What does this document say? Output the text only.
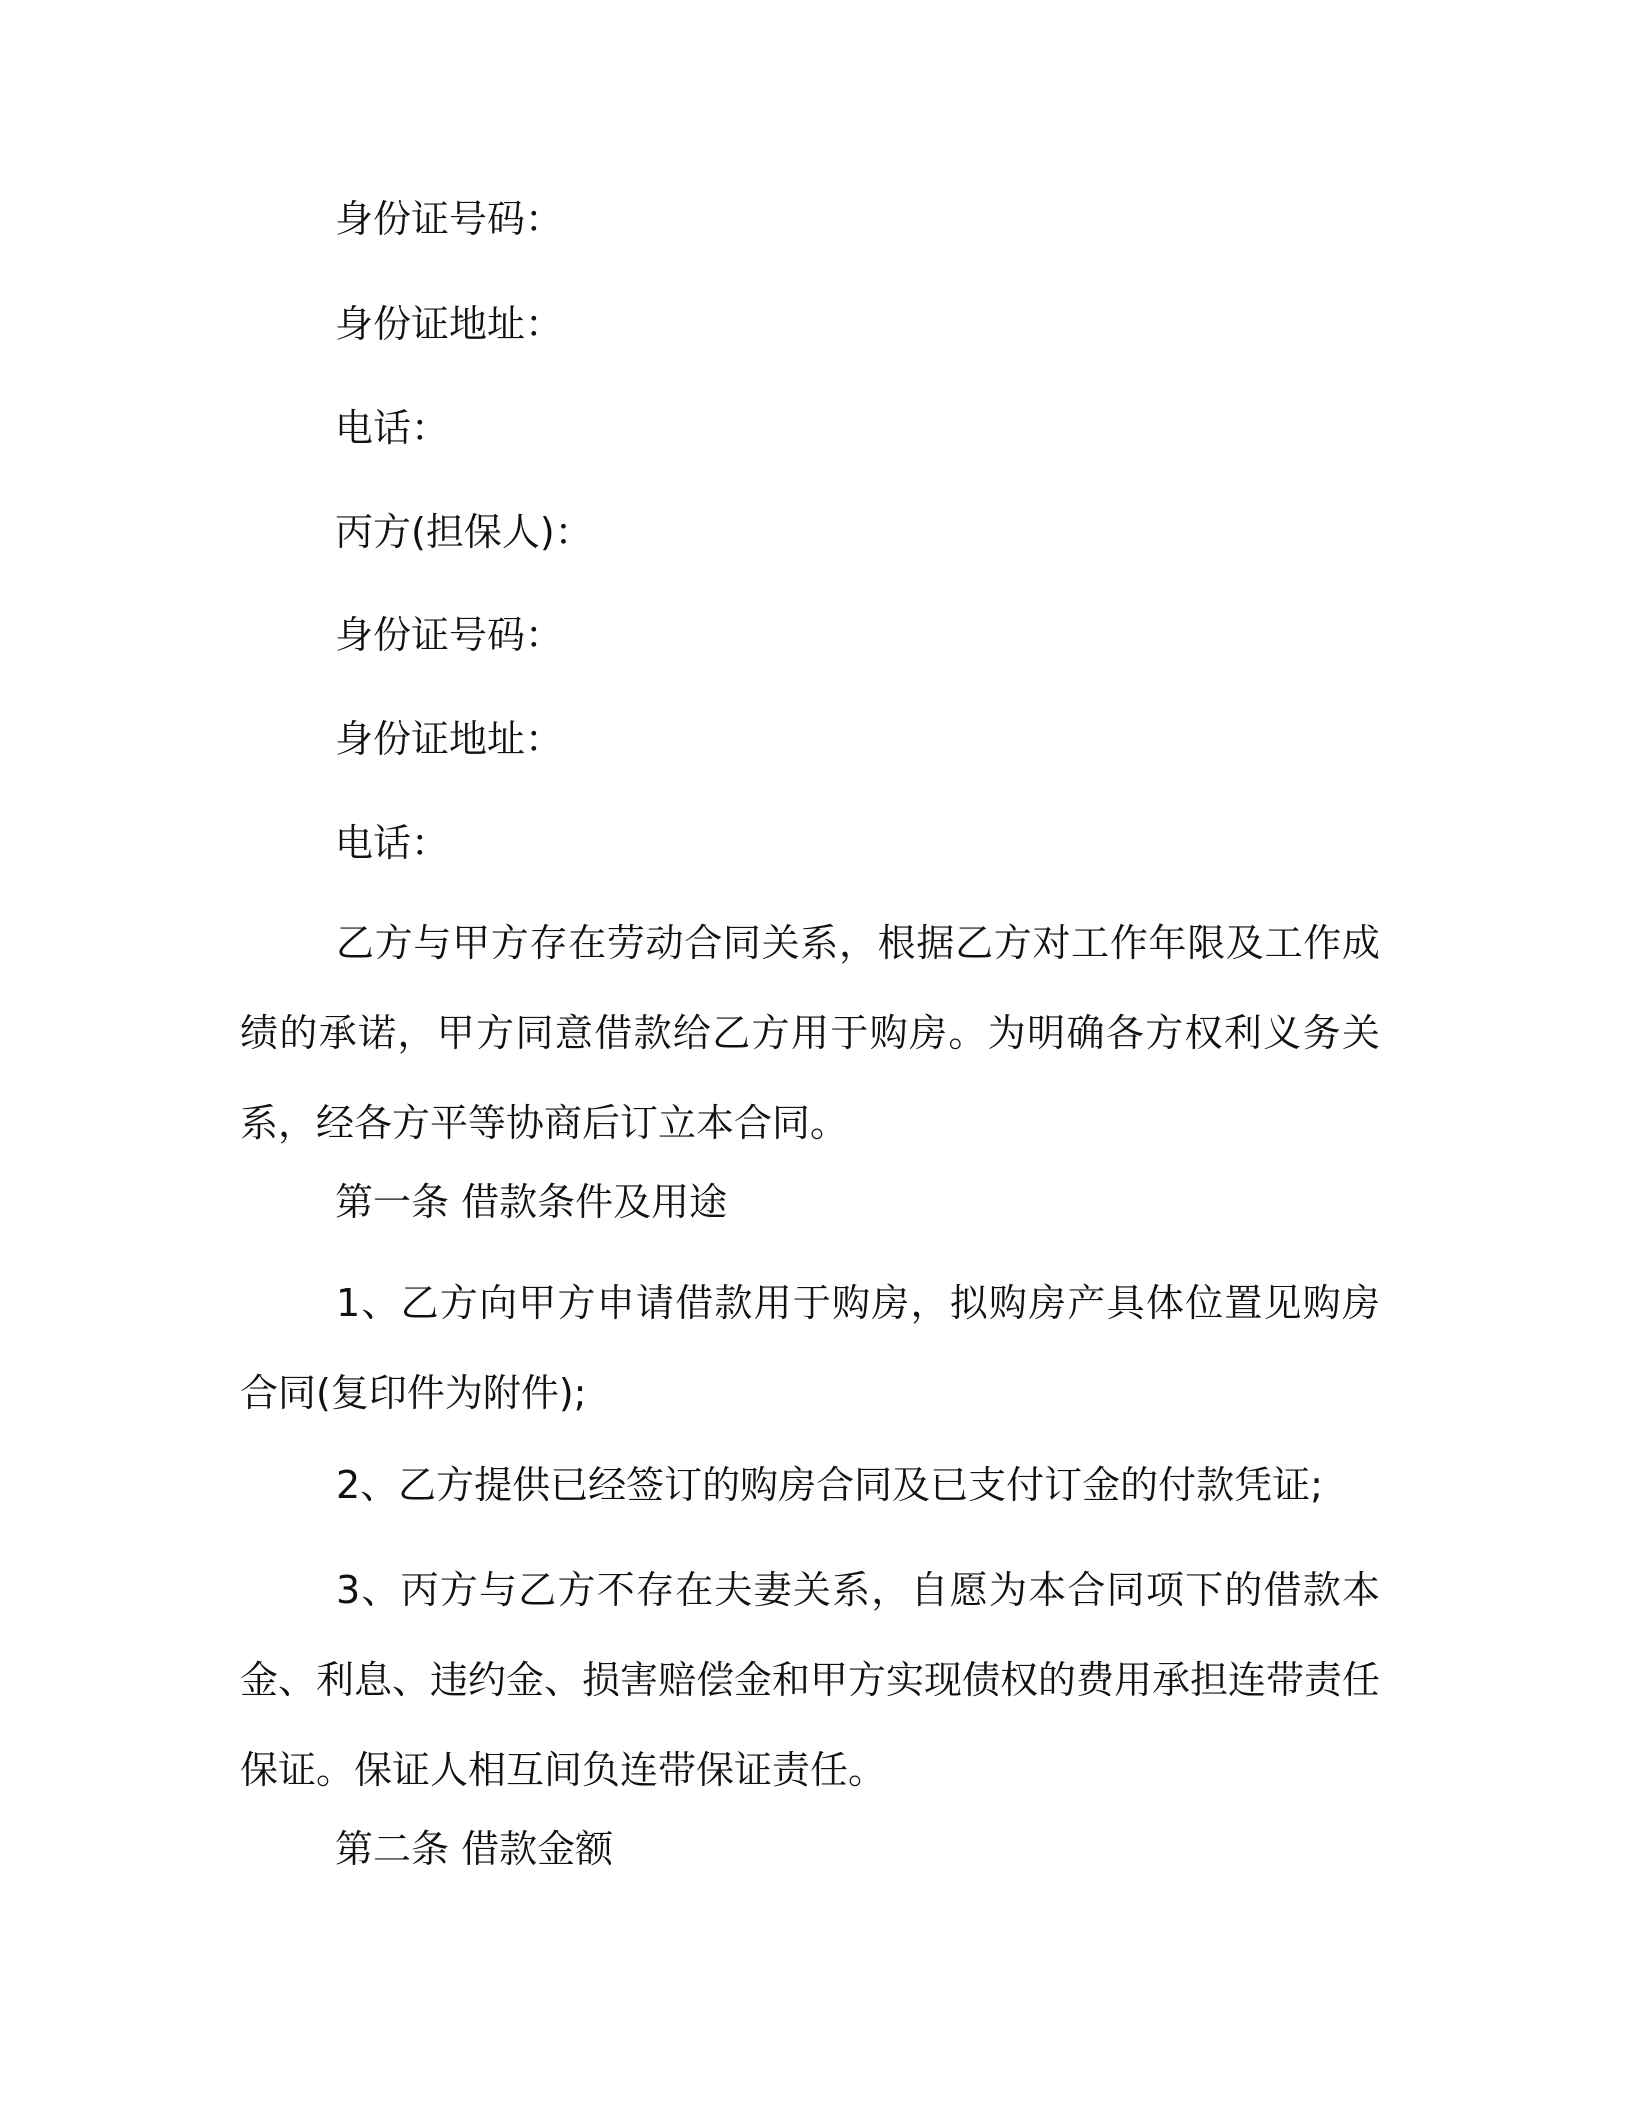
身份证号码：

身份证地址：

电话：

丙方(担保人)：

身份证号码：

身份证地址：

电话：

乙方与甲方存在劳动合同关系，根据乙方对工作年限及工作成绩的承诺，甲方同意借款给乙方用于购房。为明确各方权利义务关系，经各方平等协商后订立本合同。

第一条 借款条件及用途

1、乙方向甲方申请借款用于购房，拟购房产具体位置见购房合同(复印件为附件);

2、乙方提供已经签订的购房合同及已支付订金的付款凭证;

3、丙方与乙方不存在夫妻关系，自愿为本合同项下的借款本金、利息、违约金、损害赔偿金和甲方实现债权的费用承担连带责任保证。保证人相互间负连带保证责任。

第二条 借款金额
